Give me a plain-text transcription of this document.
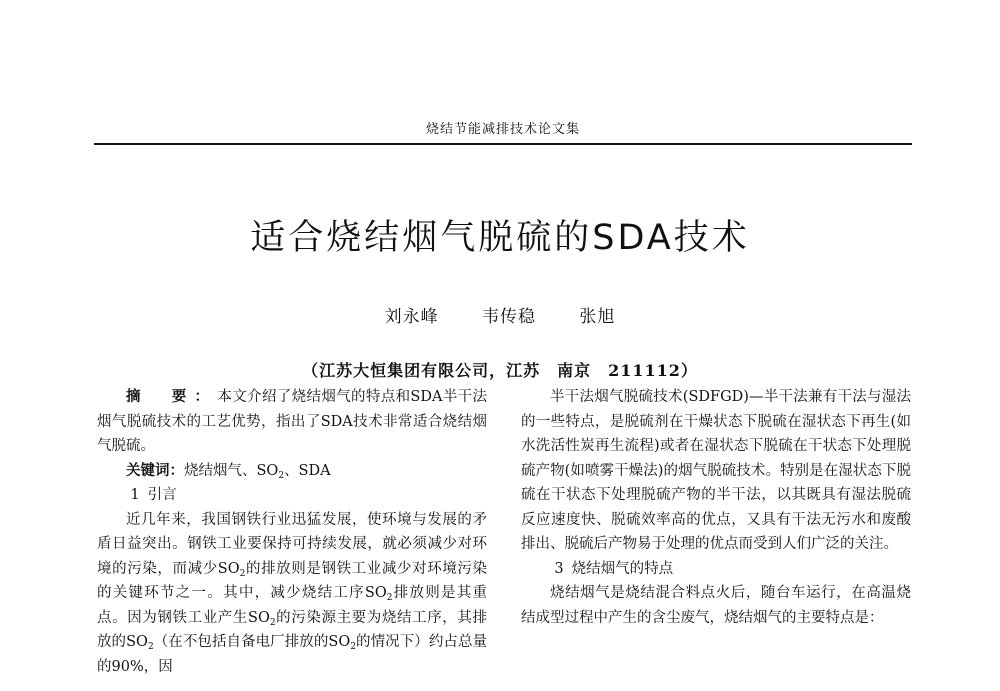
烧结节能减排技术论文集
适合烧结烟气脱硫的SDA技术
刘永峰	韦传稳	张旭
（江苏大恒集团有限公司，江苏　南京　211112）

摘　要：本文介绍了烧结烟气的特点和SDA半干法烟气脱硫技术的工艺优势，指出了SDA技术非常适合烧结烟气脱硫。

关键词：烧结烟气、$SO_2$、SDA

1 引言

近几年来，我国钢铁行业迅猛发展，使环境与发展的矛盾日益突出。钢铁工业要保持可持续发展，就必须减少对环境的污染，而减少$SO_2$的排放则是钢铁工业减少对环境污染的关键环节之一。其中，减少烧结工序$SO_2$排放则是其重点。因为钢铁工业产生$SO_2$的污染源主要为烧结工序，其排放的$SO_2$（在不包括自备电厂排放的$SO_2$的情况下）约占总量的90%，因

半干法烟气脱硫技术(SDFGD)—半干法兼有干法与湿法的一些特点，是脱硫剂在干燥状态下脱硫在湿状态下再生(如水洗活性炭再生流程)或者在湿状态下脱硫在干状态下处理脱硫产物(如喷雾干燥法)的烟气脱硫技术。特别是在湿状态下脱硫在干状态下处理脱硫产物的半干法，以其既具有湿法脱硫反应速度快、脱硫效率高的优点，又具有干法无污水和废酸排出、脱硫后产物易于处理的优点而受到人们广泛的关注。

3 烧结烟气的特点

烧结烟气是烧结混合料点火后，随台车运行，在高温烧结成型过程中产生的含尘废气，烧结烟气的主要特点是：
